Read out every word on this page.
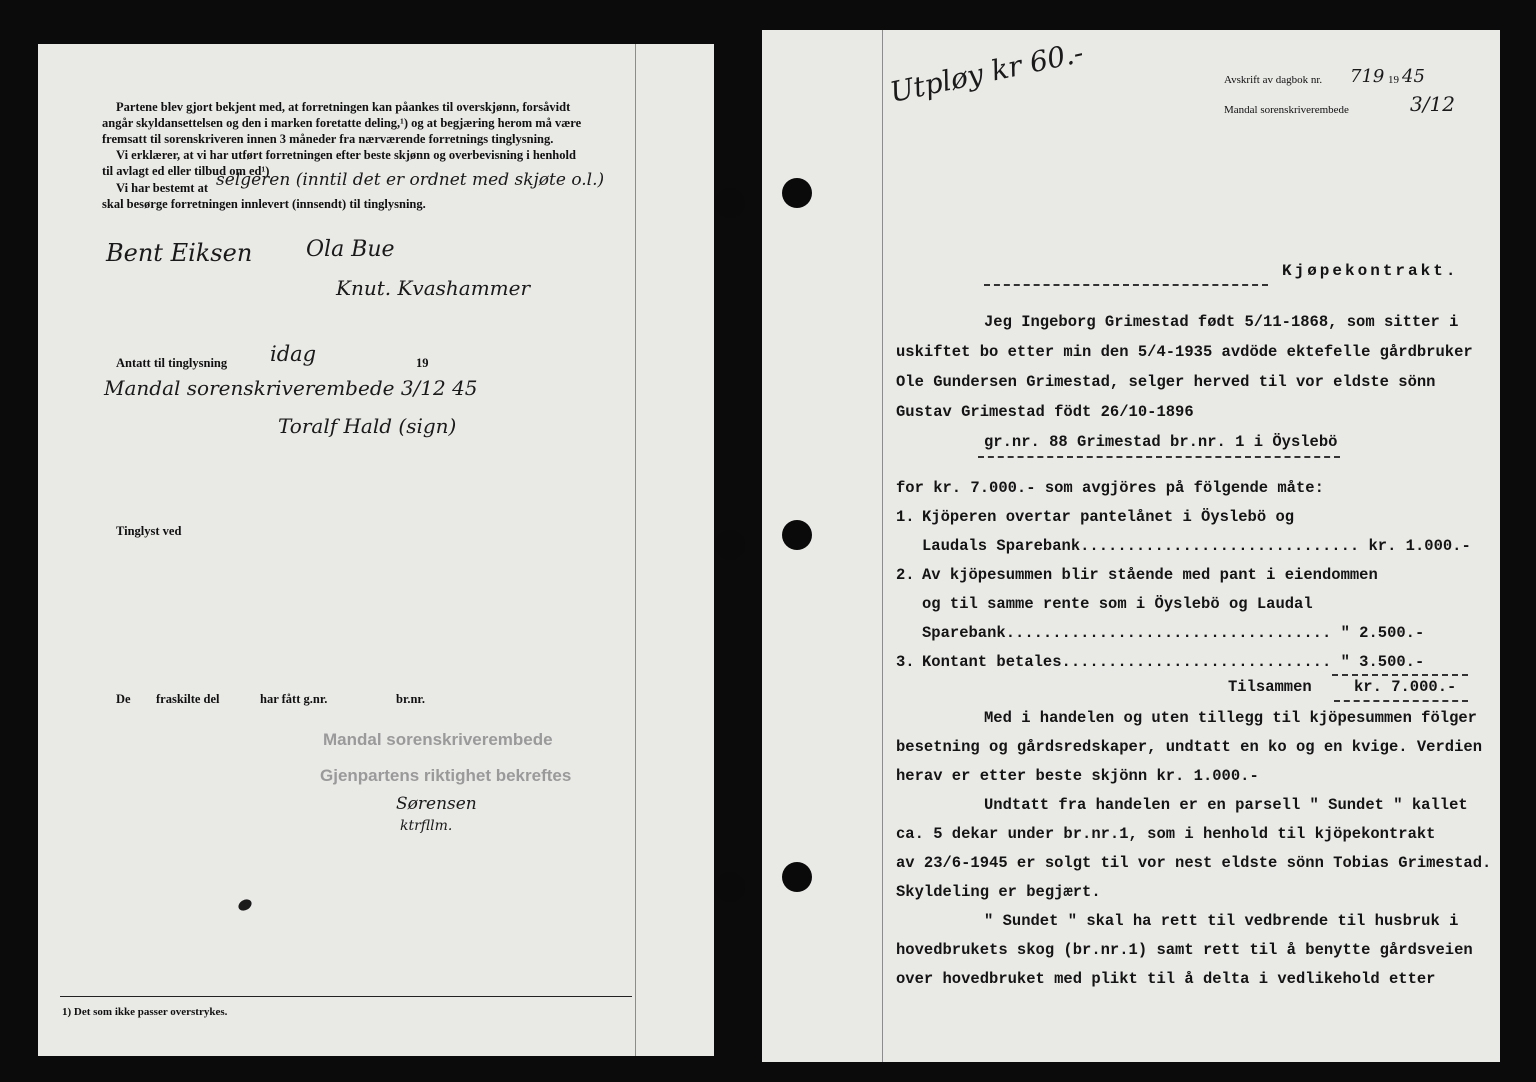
Partene blev gjort bekjent med, at forretningen kan påankes til overskjønn, forsåvidt
angår skyldansettelsen og den i marken foretatte deling,¹) og at begjæring herom må være
fremsatt til sorenskriveren innen 3 måneder fra nærværende forretnings tinglysning.
Vi erklærer, at vi har utført forretningen efter beste skjønn og overbevisning i henhold
til avlagt ed eller tilbud om ed¹)
Vi har bestemt at selgeren (inntil det er ordnet med skjøte o.l.)
skal besørge forretningen innlevert (innsendt) til tinglysning.
Bent Eiksen Ola Bue
Knut. Kvashammer
Antatt til tinglysning idag	19
Mandal sorenskriverembede 3/12 45
Toralf Hald (sign)
Tinglyst ved
De fraskilte del	har fått g.nr.	br.nr.
Mandal sorenskriverembede
Gjenpartens riktighet bekreftes
Sørensen
ktrfllm.
1) Det som ikke passer overstrykes.
Utpløy kr 60.-	Avskrift av dagbok nr. 719 19 45
Mandal sorenskriverembede	3/12
Kjøpekontrakt.
Jeg Ingeborg Grimestad født 5/11-1868, som sitter i
uskiftet bo etter min den 5/4-1935 avdöde ektefelle gårdbruker
Ole Gundersen Grimestad, selger herved til vor eldste sönn
Gustav Grimestad födt 26/10-1896
gr.nr. 88 Grimestad br.nr. 1 i Öyslebö
for kr. 7.000.- som avgjöres på fölgende måte:
1. Kjöperen overtar pantelånet i Öyslebö og
Laudals Sparebank.............................. kr. 1.000.-
2. Av kjöpesummen blir stående med pant i eiendommen
og til samme rente som i Öyslebö og Laudal
Sparebank................................... " 2.500.-
3. Kontant betales............................. " 3.500.-
Tilsammen	kr. 7.000.-
Med i handelen og uten tillegg til kjöpesummen fölger
besetning og gårdsredskaper, undtatt en ko og en kvige. Verdien
herav er etter beste skjönn kr. 1.000.-
Undtatt fra handelen er en parsell " Sundet " kallet
ca. 5 dekar under br.nr.1, som i henhold til kjöpekontrakt
av 23/6-1945 er solgt til vor nest eldste sönn Tobias Grimestad.
Skyldeling er begjært.
" Sundet " skal ha rett til vedbrende til husbruk i
hovedbrukets skog (br.nr.1) samt rett til å benytte gårdsveien
over hovedbruket med plikt til å delta i vedlikehold etter
